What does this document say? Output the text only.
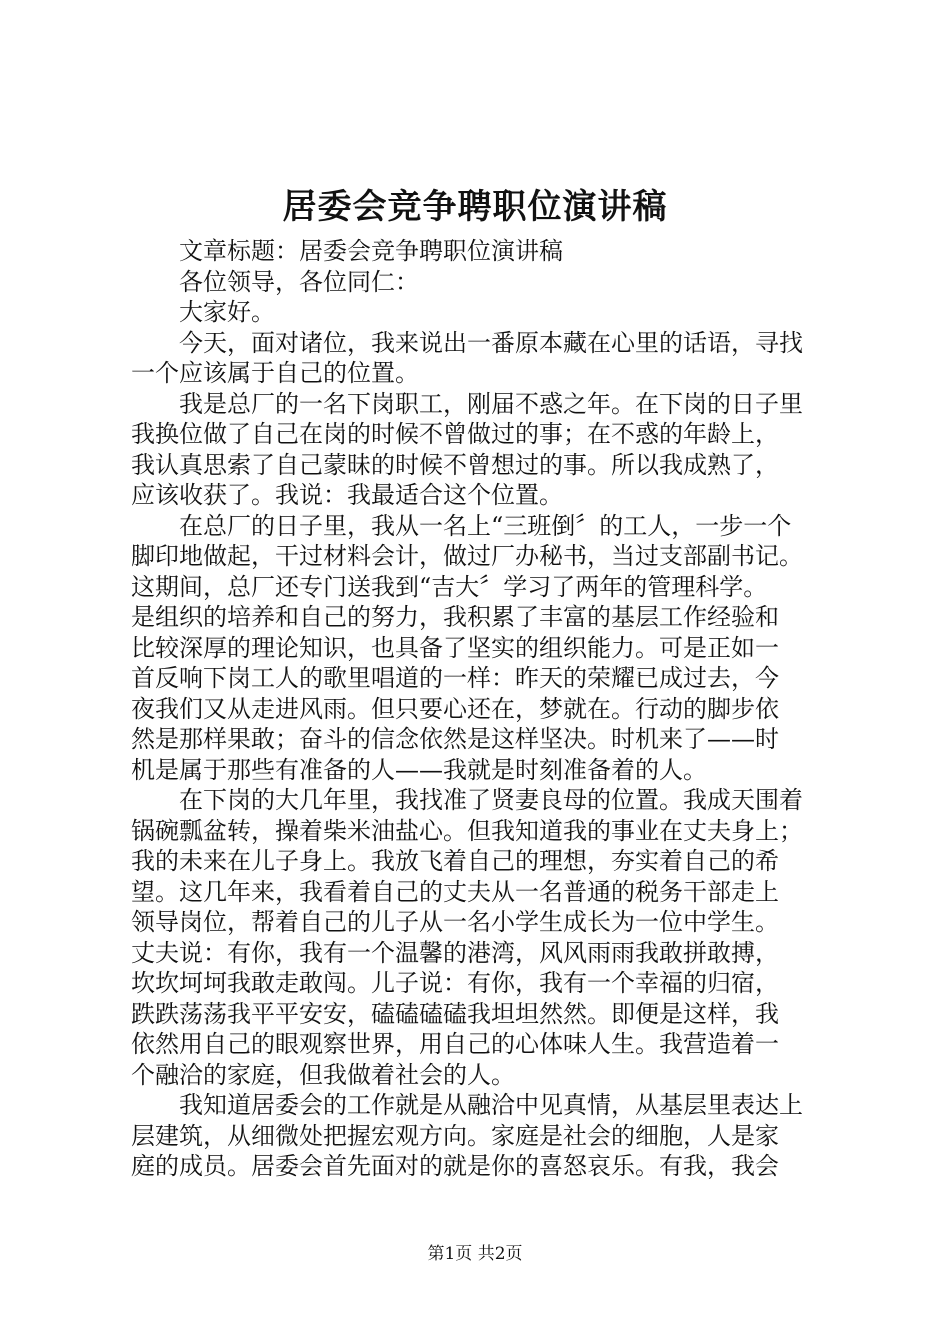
居委会竞争聘职位演讲稿
文章标题：居委会竞争聘职位演讲稿
各位领导，各位同仁：
大家好。
今天，面对诸位，我来说出一番原本藏在心里的话语，寻找
一个应该属于自己的位置。
我是总厂的一名下岗职工，刚届不惑之年。在下岗的日子里
我换位做了自己在岗的时候不曾做过的事；在不惑的年龄上，
我认真思索了自己蒙昧的时候不曾想过的事。所以我成熟了，
应该收获了。我说：我最适合这个位置。
在总厂的日子里，我从一名上“三班倒〞的工人，一步一个
脚印地做起，干过材料会计，做过厂办秘书，当过支部副书记。
这期间，总厂还专门送我到“吉大〞学习了两年的管理科学。
是组织的培养和自己的努力，我积累了丰富的基层工作经验和
比较深厚的理论知识，也具备了坚实的组织能力。可是正如一
首反响下岗工人的歌里唱道的一样：昨天的荣耀已成过去，今
夜我们又从走进风雨。但只要心还在，梦就在。行动的脚步依
然是那样果敢；奋斗的信念依然是这样坚决。时机来了——时
机是属于那些有准备的人——我就是时刻准备着的人。
在下岗的大几年里，我找准了贤妻良母的位置。我成天围着
锅碗瓢盆转，操着柴米油盐心。但我知道我的事业在丈夫身上；
我的未来在儿子身上。我放飞着自己的理想，夯实着自己的希
望。这几年来，我看着自己的丈夫从一名普通的税务干部走上
领导岗位，帮着自己的儿子从一名小学生成长为一位中学生。
丈夫说：有你，我有一个温馨的港湾，风风雨雨我敢拼敢搏，
坎坎坷坷我敢走敢闯。儿子说：有你，我有一个幸福的归宿，
跌跌荡荡我平平安安，磕磕磕磕我坦坦然然。即便是这样，我
依然用自己的眼观察世界，用自己的心体味人生。我营造着一
个融洽的家庭，但我做着社会的人。
我知道居委会的工作就是从融洽中见真情，从基层里表达上
层建筑，从细微处把握宏观方向。家庭是社会的细胞，人是家
庭的成员。居委会首先面对的就是你的喜怒哀乐。有我，我会
第1页 共2页
